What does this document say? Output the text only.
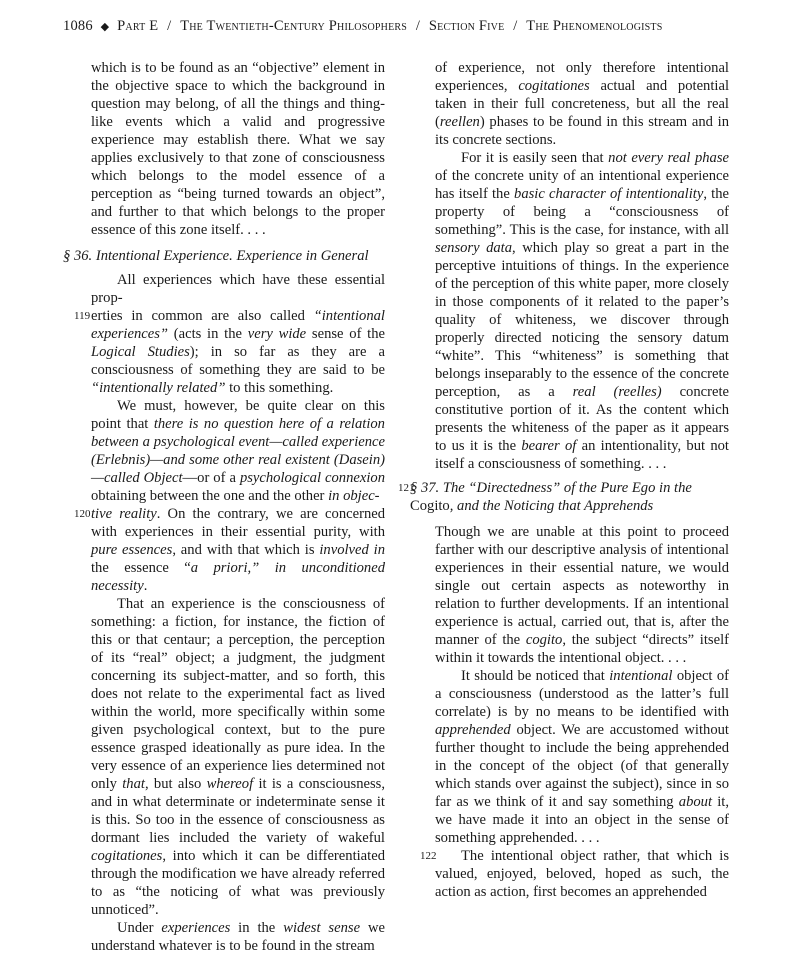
1086 ◆ Part E / The Twentieth-Century Philosophers / Section Five / The Phenomenologists

which is to be found as an “objective” element in the objective space to which the background in question may belong, of all the things and thing-like events which a valid and progressive experience may establish there. What we say applies exclusively to that zone of consciousness which belongs to the model essence of a perception as “being turned towards an object”, and further to that which belongs to the proper essence of this zone itself. . . .

§ 36. Intentional Experience. Experience in General

All experiences which have these essential prop-

119 erties in common are also called “intentional experiences” (acts in the very wide sense of the Logical Studies); in so far as they are a consciousness of something they are said to be “intentionally related” to this something.

We must, however, be quite clear on this point that there is no question here of a relation between a psychological event—called experience (Erlebnis)—and some other real existent (Dasein)—called Object—or of a psychological connexion obtaining between the one and the other in objec-

120 tive reality. On the contrary, we are concerned with experiences in their essential purity, with pure essences, and with that which is involved in the essence “a priori,” in unconditioned necessity.

That an experience is the consciousness of something: a fiction, for instance, the fiction of this or that centaur; a perception, the perception of its “real” object; a judgment, the judgment concerning its subject-matter, and so forth, this does not relate to the experimental fact as lived within the world, more specifically within some given psychological context, but to the pure essence grasped ideationally as pure idea. In the very essence of an experience lies determined not only that, but also whereof it is a consciousness, and in what determinate or indeterminate sense it is this. So too in the essence of consciousness as dormant lies included the variety of wakeful cogitationes, into which it can be differentiated through the modification we have already referred to as “the noticing of what was previously unnoticed”.

Under experiences in the widest sense we understand whatever is to be found in the stream

of experience, not only therefore intentional experiences, cogitationes actual and potential taken in their full concreteness, but all the real (reellen) phases to be found in this stream and in its concrete sections.

For it is easily seen that not every real phase of the concrete unity of an intentional experience has itself the basic character of intentionality, the property of being a “consciousness of something”. This is the case, for instance, with all sensory data, which play so great a part in the perceptive intuitions of things. In the experience of the perception of this white paper, more closely in those components of it related to the paper’s quality of whiteness, we discover through properly directed noticing the sensory datum “white”. This “whiteness” is something that belongs inseparably to the essence of the concrete perception, as a real (reelles) concrete constitutive portion of it. As the content which presents the whiteness of the paper as it appears to us it is the bearer of an intentionality, but not itself a consciousness of something. . . .

121
§ 37. The “Directedness” of the Pure Ego in the Cogito, and the Noticing that Apprehends

Though we are unable at this point to proceed farther with our descriptive analysis of intentional experiences in their essential nature, we would single out certain aspects as noteworthy in relation to further developments. If an intentional experience is actual, carried out, that is, after the manner of the cogito, the subject “directs” itself within it towards the intentional object. . . .

It should be noticed that intentional object of a consciousness (understood as the latter’s full correlate) is by no means to be identified with apprehended object. We are accustomed without further thought to include the being apprehended in the concept of the object (of that generally which stands over against the subject), since in so far as we think of it and say something about it, we have made it into an object in the sense of something apprehended. . . .

122 The intentional object rather, that which is valued, enjoyed, beloved, hoped as such, the action as action, first becomes an apprehended
